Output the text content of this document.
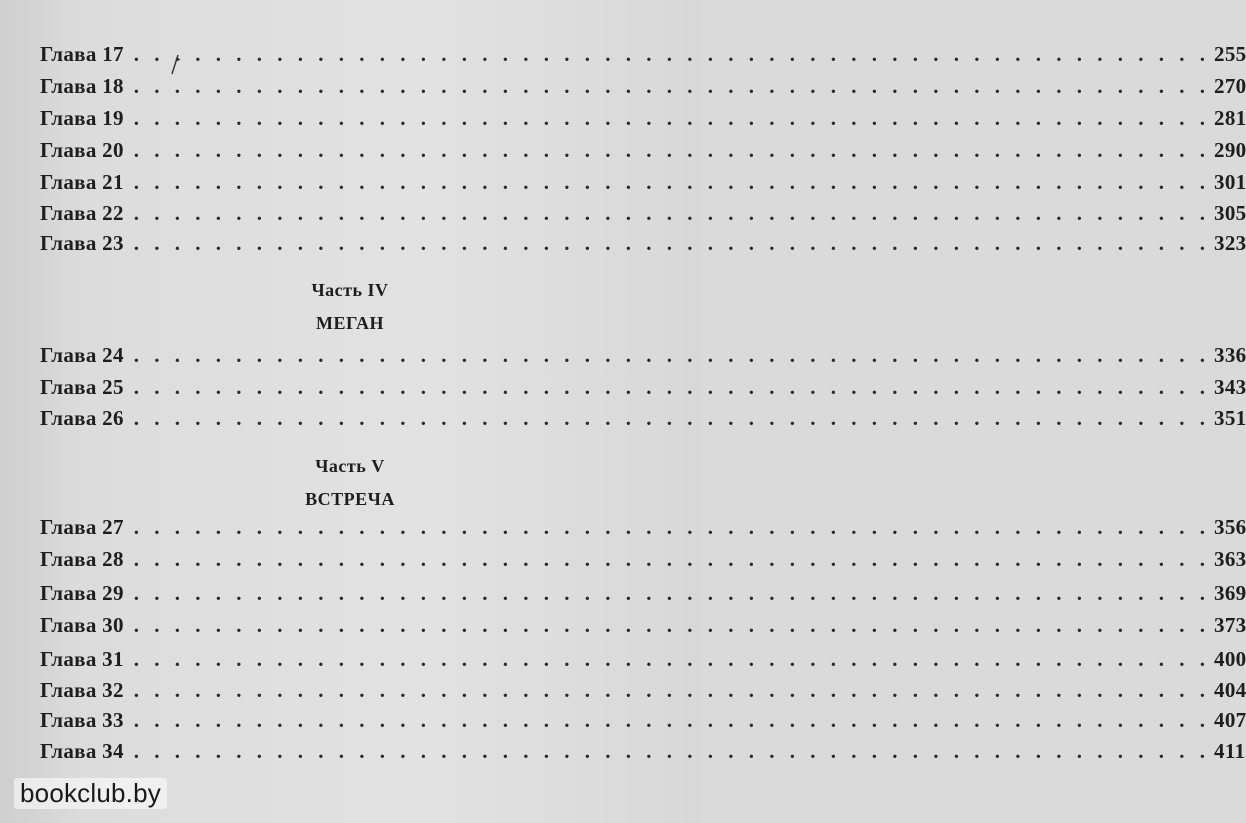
Глава 17 . . . . . . . . . . . . . . . . . . . . . . . . . . . . . . . . . . . . . . . . . . . . . . . . . . . . . 255
Глава 18 . . . . . . . . . . . . . . . . . . . . . . . . . . . . . . . . . . . . . . . . . . . . . . . . . . . . . 270
Глава 19 . . . . . . . . . . . . . . . . . . . . . . . . . . . . . . . . . . . . . . . . . . . . . . . . . . . . . 281
Глава 20 . . . . . . . . . . . . . . . . . . . . . . . . . . . . . . . . . . . . . . . . . . . . . . . . . . . . . 290
Глава 21 . . . . . . . . . . . . . . . . . . . . . . . . . . . . . . . . . . . . . . . . . . . . . . . . . . . . . 301
Глава 22 . . . . . . . . . . . . . . . . . . . . . . . . . . . . . . . . . . . . . . . . . . . . . . . . . . . . . 305
Глава 23 . . . . . . . . . . . . . . . . . . . . . . . . . . . . . . . . . . . . . . . . . . . . . . . . . . . . . 323
Часть IV
МЕГАН
Глава 24 . . . . . . . . . . . . . . . . . . . . . . . . . . . . . . . . . . . . . . . . . . . . . . . . . . . . . 336
Глава 25 . . . . . . . . . . . . . . . . . . . . . . . . . . . . . . . . . . . . . . . . . . . . . . . . . . . . . 343
Глава 26 . . . . . . . . . . . . . . . . . . . . . . . . . . . . . . . . . . . . . . . . . . . . . . . . . . . . . 351
Часть V
ВСТРЕЧА
Глава 27 . . . . . . . . . . . . . . . . . . . . . . . . . . . . . . . . . . . . . . . . . . . . . . . . . . . . . 356
Глава 28 . . . . . . . . . . . . . . . . . . . . . . . . . . . . . . . . . . . . . . . . . . . . . . . . . . . . . 363
Глава 29 . . . . . . . . . . . . . . . . . . . . . . . . . . . . . . . . . . . . . . . . . . . . . . . . . . . . . 369
Глава 30 . . . . . . . . . . . . . . . . . . . . . . . . . . . . . . . . . . . . . . . . . . . . . . . . . . . . . 373
Глава 31 . . . . . . . . . . . . . . . . . . . . . . . . . . . . . . . . . . . . . . . . . . . . . . . . . . . . . 400
Глава 32 . . . . . . . . . . . . . . . . . . . . . . . . . . . . . . . . . . . . . . . . . . . . . . . . . . . . . 404
Глава 33 . . . . . . . . . . . . . . . . . . . . . . . . . . . . . . . . . . . . . . . . . . . . . . . . . . . . . 407
Глава 34 . . . . . . . . . . . . . . . . . . . . . . . . . . . . . . . . . . . . . . . . . . . . . . . . . . . . . 411
bookclub.by
